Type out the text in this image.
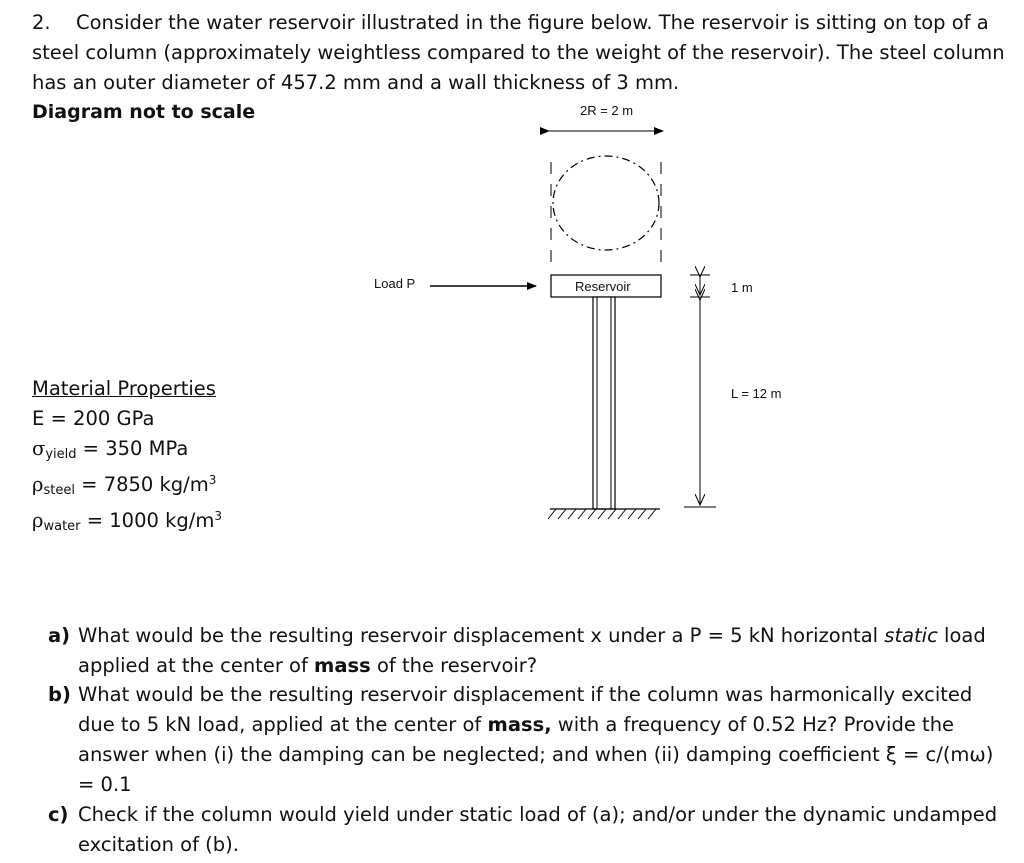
2. Consider the water reservoir illustrated in the figure below. The reservoir is sitting on top of a steel column (approximately weightless compared to the weight of the reservoir). The steel column has an outer diameter of 457.2 mm and a wall thickness of 3 mm.
Diagram not to scale	2R = 2 m
Load P	Reservoir	1 m
L = 12 m
Material Properties
E = 200 GPa
$\sigma_{yield} = 350$ MPa
$\rho_{steel} = 7850$ $kg/m^3$
$\rho_{water} = 1000$ $kg/m^3$
a) What would be the resulting reservoir displacement x under a P = 5 kN horizontal static load applied at the center of mass of the reservoir?
b) What would be the resulting reservoir displacement if the column was harmonically excited due to 5 kN load, applied at the center of mass, with a frequency of 0.52 Hz? Provide the answer when (i) the damping can be neglected; and when (ii) damping coefficient ξ = c/(mω) = 0.1
c) Check if the column would yield under static load of (a); and/or under the dynamic undamped excitation of (b).
